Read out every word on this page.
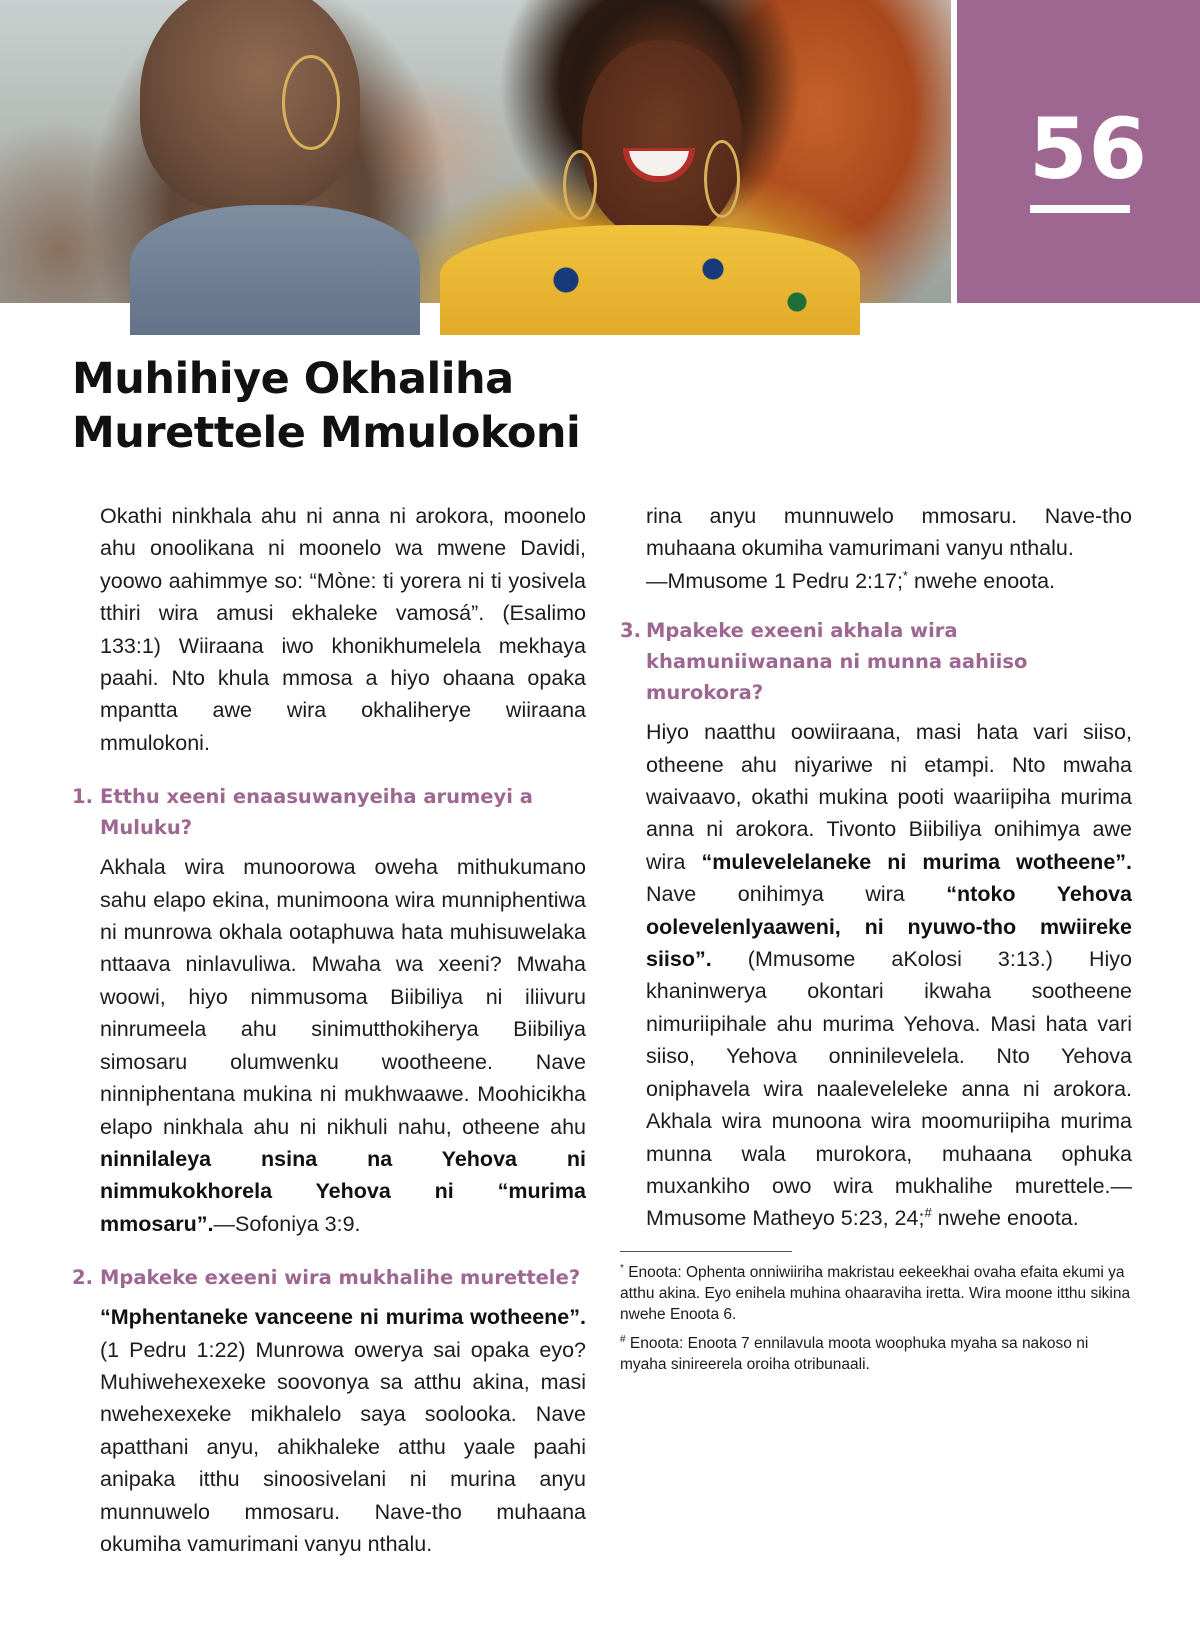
56
Muhihiye Okhaliha
Murettele Mmulokoni

Okathi ninkhala ahu ni anna ni arokora, moonelo ahu onoolikana ni moonelo wa mwene Davidi, yoowo aahimmye so: “Mòne: ti yorera ni ti yosivela tthiri wira amusi ekhaleke vamosá”. (Esalimo 133:1) Wiiraana iwo khonikhumelela mekhaya paahi. Nto khula mmosa a hiyo ohaana opaka mpantta awe wira okhaliherye wiiraana mmulokoni.

1. Etthu xeeni enaasuwanyeiha arumeyi a Muluku?

Akhala wira munoorowa oweha mithukumano sahu elapo ekina, munimoona wira munniphentiwa ni munrowa okhala ootaphuwa hata muhisuwelaka nttaava ninlavuliwa. Mwaha wa xeeni? Mwaha woowi, hiyo nimmusoma Biibiliya ni iliivuru ninrumeela ahu sinimutthokiherya Biibiliya simosaru olumwenku wootheene. Nave ninniphentana mukina ni mukhwaawe. Moohicikha elapo ninkhala ahu ni nikhuli nahu, otheene ahu ninnilaleya nsina na Yehova ni nimmukokhorela Yehova ni “murima mmosaru”.—Sofoniya 3:9.

2. Mpakeke exeeni wira mukhalihe murettele?

“Mphentaneke vanceene ni murima wotheene”. (1 Pedru 1:22) Munrowa owerya sai opaka eyo? Muhiwehexexeke soovonya sa atthu akina, masi nwehexexeke mikhalelo saya soolooka. Nave apatthani anyu, ahikhaleke atthu yaale paahi anipaka itthu sinoosivelani ni murina anyu munnuwelo mmosaru. Nave-tho muhaana okumiha vamurimani vanyu nthalu.

rina anyu munnuwelo mmosaru. Nave-tho muhaana okumiha vamurimani vanyu nthalu.
—Mmusome 1 Pedru 2:17;* nwehe enoota.

3. Mpakeke exeeni akhala wira khamuniiwanana ni munna aahiiso murokora?

Hiyo naatthu oowiiraana, masi hata vari siiso, otheene ahu niyariwe ni etampi. Nto mwaha waivaavo, okathi mukina pooti waariipiha murima anna ni arokora. Tivonto Biibiliya onihimya awe wira “mulevelelaneke ni murima wotheene”. Nave onihimya wira “ntoko Yehova oolevelenlyaaweni, ni nyuwo-tho mwiireke siiso”. (Mmusome aKolosi 3:13.) Hiyo khaninwerya okontari ikwaha sootheene nimuriipihale ahu murima Yehova. Masi hata vari siiso, Yehova onninilevelela. Nto Yehova oniphavela wira naaleveleleke anna ni arokora. Akhala wira munoona wira moomuriipiha murima munna wala murokora, muhaana ophuka muxankiho owo wira mukhalihe murettele.—Mmusome Matheyo 5:23, 24;# nwehe enoota.

* Enoota: Ophenta onniwiiriha makristau eekeekhai ovaha efaita ekumi ya atthu akina. Eyo enihela muhina ohaaraviha iretta. Wira moone itthu sikina nwehe Enoota 6.

# Enoota: Enoota 7 ennilavula moota woophuka myaha sa nakoso ni myaha sinireerela oroiha otribunaali.
